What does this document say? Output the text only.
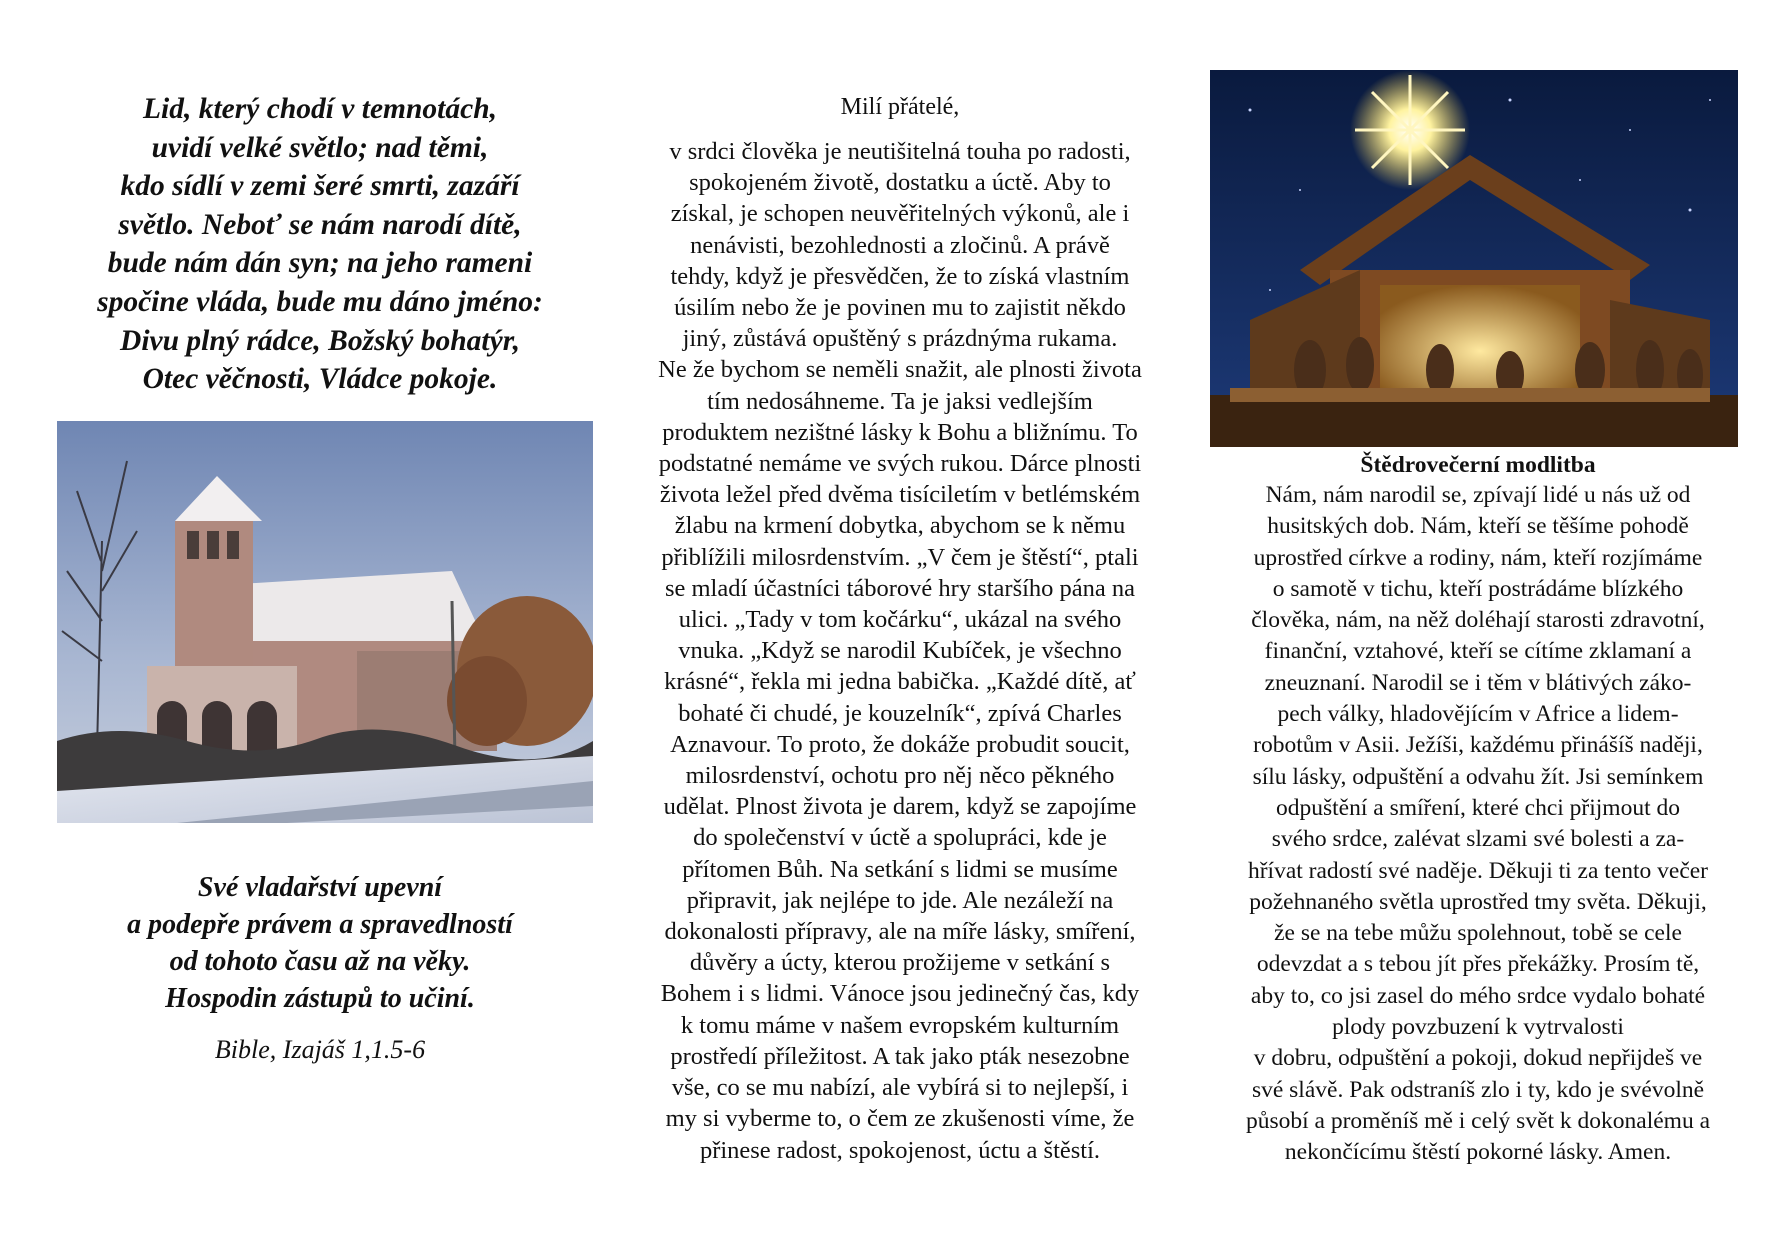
Lid, který chodí v temnotách,
uvidí velké světlo; nad těmi,
kdo sídlí v zemi šeré smrti, zazáří
světlo. Neboť se nám narodí dítě,
bude nám dán syn; na jeho rameni
spočine vláda, bude mu dáno jméno:
Divu plný rádce, Božský bohatýr,
Otec věčnosti, Vládce pokoje.

Své vladařství upevní
a podepře právem a spravedlností
od tohoto času až na věky.
Hospodin zástupů to učiní.

Bible, Izajáš 1,1.5-6
Milí přátelé,
v srdci člověka je neutišitelná touha po radosti,
spokojeném životě, dostatku a úctě. Aby to
získal, je schopen neuvěřitelných výkonů, ale i
nenávisti, bezohlednosti a zločinů. A právě
tehdy, když je přesvědčen, že to získá vlastním
úsilím nebo že je povinen mu to zajistit někdo
jiný, zůstává opuštěný s prázdnýma rukama.
Ne že bychom se neměli snažit, ale plnosti života
tím nedosáhneme. Ta je jaksi vedlejším
produktem nezištné lásky k Bohu a bližnímu. To
podstatné nemáme ve svých rukou. Dárce plnosti
života ležel před dvěma tisíciletím v betlémském
žlabu na krmení dobytka, abychom se k němu
přiblížili milosrdenstvím. „V čem je štěstí“, ptali
se mladí účastníci táborové hry staršího pána na
ulici. „Tady v tom kočárku“, ukázal na svého
vnuka. „Když se narodil Kubíček, je všechno
krásné“, řekla mi jedna babička. „Každé dítě, ať
bohaté či chudé, je kouzelník“, zpívá Charles
Aznavour. To proto, že dokáže probudit soucit,
milosrdenství, ochotu pro něj něco pěkného
udělat. Plnost života je darem, když se zapojíme
do společenství v úctě a spolupráci, kde je
přítomen Bůh. Na setkání s lidmi se musíme
připravit, jak nejlépe to jde. Ale nezáleží na
dokonalosti přípravy, ale na míře lásky, smíření,
důvěry a úcty, kterou prožijeme v setkání s
Bohem i s lidmi. Vánoce jsou jedinečný čas, kdy
k tomu máme v našem evropském kulturním
prostředí příležitost. A tak jako pták nesezobne
vše, co se mu nabízí, ale vybírá si to nejlepší, i
my si vyberme to, o čem ze zkušenosti víme, že
přinese radost, spokojenost, úctu a štěstí.
Štědrovečerní modlitba
Nám, nám narodil se, zpívají lidé u nás už od
husitských dob. Nám, kteří se těšíme pohodě
uprostřed církve a rodiny, nám, kteří rozjímáme
o samotě v tichu, kteří postrádáme blízkého
člověka, nám, na něž doléhají starosti zdravotní,
finanční, vztahové, kteří se cítíme zklamaní a
zneuznaní. Narodil se i těm v blátivých záko-
pech války, hladovějícím v Africe a lidem-
robotům v Asii. Ježíši, každému přinášíš naději,
sílu lásky, odpuštění a odvahu žít. Jsi semínkem
odpuštění a smíření, které chci přijmout do
svého srdce, zalévat slzami své bolesti a za-
hřívat radostí své naděje. Děkuji ti za tento večer
požehnaného světla uprostřed tmy světa. Děkuji,
že se na tebe můžu spolehnout, tobě se cele
odevzdat a s tebou jít přes překážky. Prosím tě,
aby to, co jsi zasel do mého srdce vydalo bohaté
plody povzbuzení k vytrvalosti
v dobru, odpuštění a pokoji, dokud nepřijdeš ve
své slávě. Pak odstraníš zlo i ty, kdo je svévolně
působí a proměníš mě i celý svět k dokonalému a
nekončícímu štěstí pokorné lásky. Amen.
